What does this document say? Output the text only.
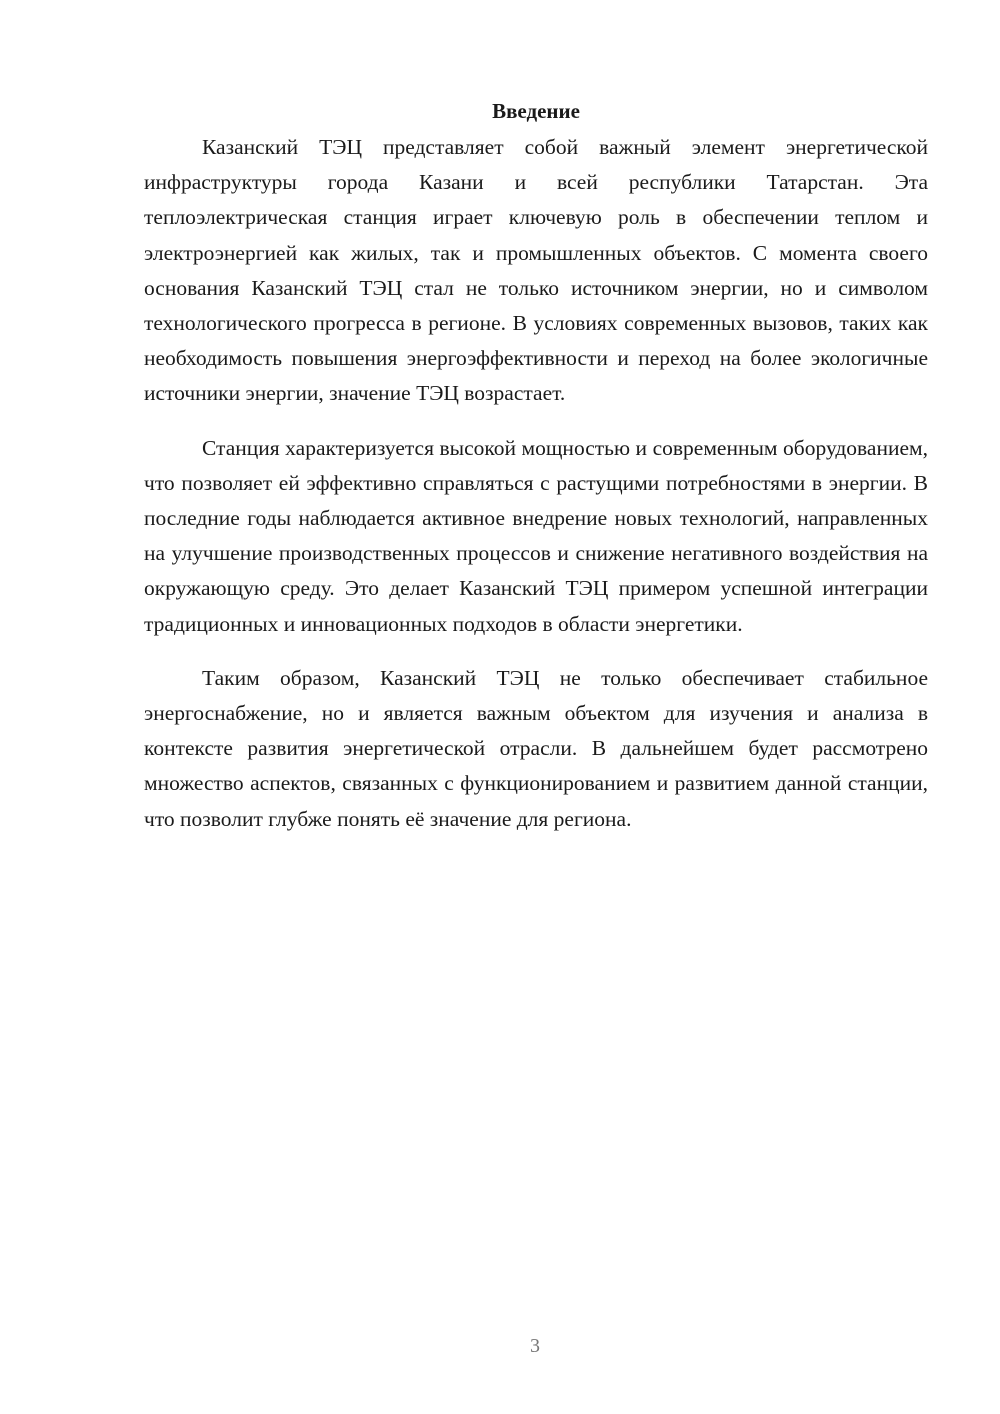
Введение

Казанский ТЭЦ представляет собой важный элемент энергетической инфраструктуры города Казани и всей республики Татарстан. Эта теплоэлектрическая станция играет ключевую роль в обеспечении теплом и электроэнергией как жилых, так и промышленных объектов. С момента своего основания Казанский ТЭЦ стал не только источником энергии, но и символом технологического прогресса в регионе. В условиях современных вызовов, таких как необходимость повышения энергоэффективности и переход на более экологичные источники энергии, значение ТЭЦ возрастает.

Станция характеризуется высокой мощностью и современным оборудованием, что позволяет ей эффективно справляться с растущими потребностями в энергии. В последние годы наблюдается активное внедрение новых технологий, направленных на улучшение производственных процессов и снижение негативного воздействия на окружающую среду. Это делает Казанский ТЭЦ примером успешной интеграции традиционных и инновационных подходов в области энергетики.

Таким образом, Казанский ТЭЦ не только обеспечивает стабильное энергоснабжение, но и является важным объектом для изучения и анализа в контексте развития энергетической отрасли. В дальнейшем будет рассмотрено множество аспектов, связанных с функционированием и развитием данной станции, что позволит глубже понять её значение для региона.

3
